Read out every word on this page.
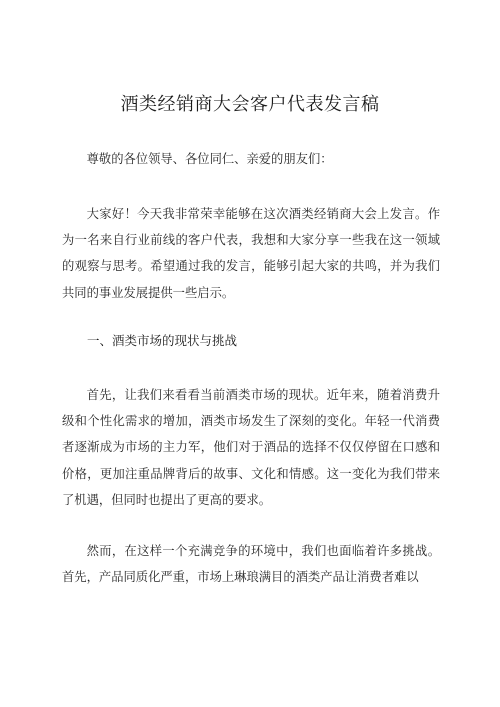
酒类经销商大会客户代表发言稿
尊敬的各位领导、各位同仁、亲爱的朋友们：
大家好！今天我非常荣幸能够在这次酒类经销商大会上发言。作为一名来自行业前线的客户代表，我想和大家分享一些我在这一领域的观察与思考。希望通过我的发言，能够引起大家的共鸣，并为我们共同的事业发展提供一些启示。
一、酒类市场的现状与挑战
首先，让我们来看看当前酒类市场的现状。近年来，随着消费升级和个性化需求的增加，酒类市场发生了深刻的变化。年轻一代消费者逐渐成为市场的主力军，他们对于酒品的选择不仅仅停留在口感和价格，更加注重品牌背后的故事、文化和情感。这一变化为我们带来了机遇，但同时也提出了更高的要求。
然而，在这样一个充满竞争的环境中，我们也面临着许多挑战。首先，产品同质化严重，市场上琳琅满目的酒类产品让消费者难以
